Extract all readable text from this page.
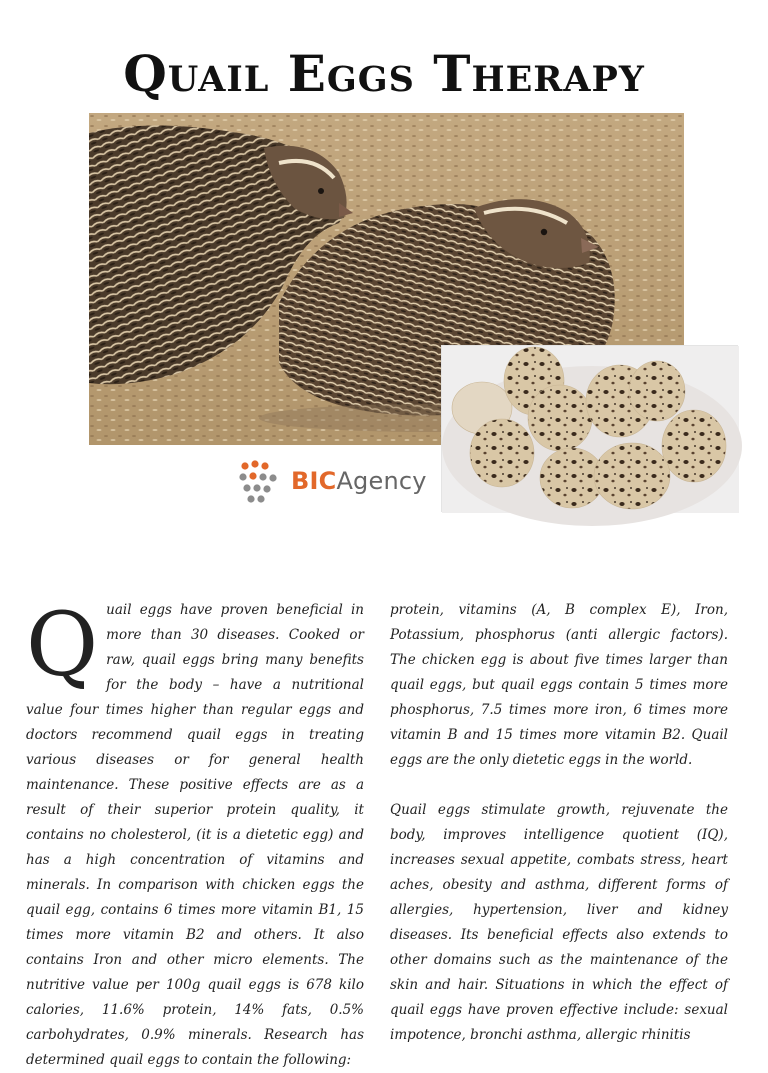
Quail Eggs Therapy
BICAgency
Q uail eggs have proven beneficial in more than 30 diseases. Cooked or raw, quail eggs bring many benefits for the body – have a nutritional value four times higher than regular eggs and doctors recommend quail eggs in treating various diseases or for general health maintenance. These positive effects are as a result of their superior protein quality, it contains no cholesterol, (it is a dietetic egg) and has a high concentration of vitamins and minerals. In comparison with chicken eggs the quail egg, contains 6 times more vitamin B1, 15 times more vitamin B2 and others. It also contains Iron and other micro elements. The nutritive value per 100g quail eggs is 678 kilo calories, 11.6% protein, 14% fats, 0.5% carbohydrates, 0.9% minerals. Research has determined quail eggs to contain the following:

protein, vitamins (A, B complex E), Iron, Potassium, phosphorus (anti allergic factors). The chicken egg is about five times larger than quail eggs, but quail eggs contain 5 times more phosphorus, 7.5 times more iron, 6 times more vitamin B and 15 times more vitamin B2. Quail eggs are the only dietetic eggs in the world.

Quail eggs stimulate growth, rejuvenate the body, improves intelligence quotient (IQ), increases sexual appetite, combats stress, heart aches, obesity and asthma, different forms of allergies, hypertension, liver and kidney diseases. Its beneficial effects also extends to other domains such as the maintenance of the skin and hair. Situations in which the effect of quail eggs have proven effective include: sexual impotence, bronchi asthma, allergic rhinitis
